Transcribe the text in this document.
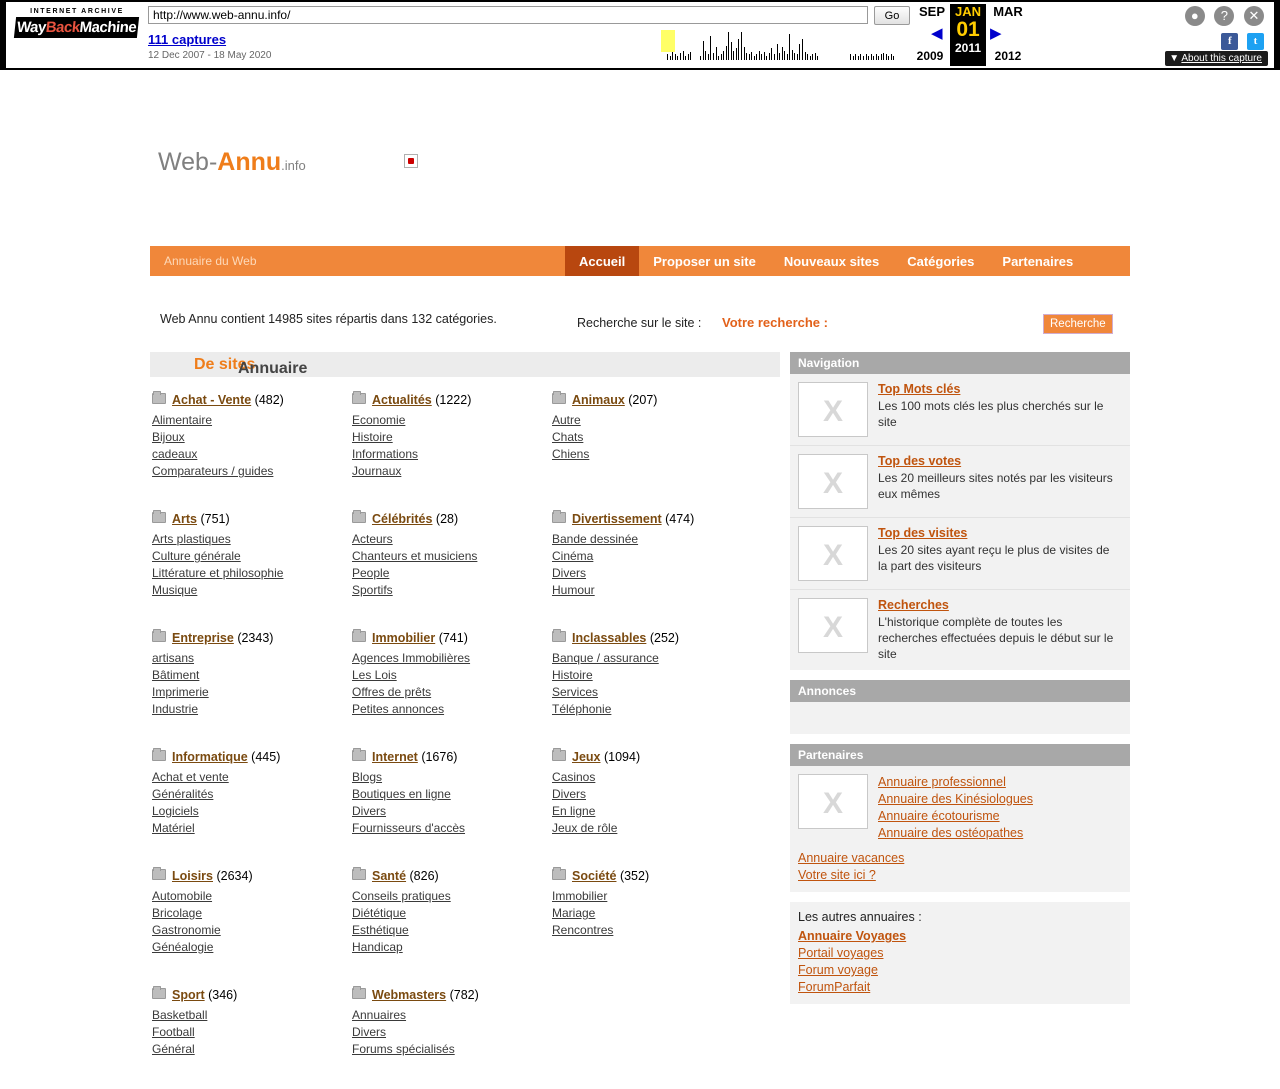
INTERNET ARCHIVE
WayBackMachine
http://www.web-annu.info/
Go
111 captures
12 Dec 2007 - 18 May 2020
SEP JAN
01
2011
MAR
2009	2012
◀	▶
● ? ✕
f t
▼ About this capture
Web-Annu.info
Annuaire du Web	Accueil	Proposer un site	Nouveaux sites	Catégories	Partenaires
Web Annu contient 14985 sites répartis dans 132 catégories.	Recherche sur le site : Votre recherche :	Recherche
Annuaire
De sites
Achat - Vente (482)
Alimentaire
Bijoux
cadeaux
Comparateurs / guides
Actualités (1222)
Economie
Histoire
Informations
Journaux
Animaux (207)
Autre
Chats
Chiens
Arts (751)
Arts plastiques
Culture générale
Littérature et philosophie
Musique
Célébrités (28)
Acteurs
Chanteurs et musiciens
People
Sportifs
Divertissement (474)
Bande dessinée
Cinéma
Divers
Humour
Entreprise (2343)
artisans
Bâtiment
Imprimerie
Industrie
Immobilier (741)
Agences Immobilières
Les Lois
Offres de prêts
Petites annonces
Inclassables (252)
Banque / assurance
Histoire
Services
Téléphonie
Informatique (445)
Achat et vente
Généralités
Logiciels
Matériel
Internet (1676)
Blogs
Boutiques en ligne
Divers
Fournisseurs d'accès
Jeux (1094)
Casinos
Divers
En ligne
Jeux de rôle
Loisirs (2634)
Automobile
Bricolage
Gastronomie
Généalogie
Santé (826)
Conseils pratiques
Diététique
Esthétique
Handicap
Société (352)
Immobilier
Mariage
Rencontres
Sport (346)
Basketball
Football
Général
Webmasters (782)
Annuaires
Divers
Forums spécialisés
Navigation
X
Top Mots clés
Les 100 mots clés les plus cherchés sur le site
X
Top des votes
Les 20 meilleurs sites notés par les visiteurs eux mêmes
X
Top des visites
Les 20 sites ayant reçu le plus de visites de la part des visiteurs
X
Recherches
L'historique complète de toutes les recherches effectuées depuis le début sur le site
Annonces
Partenaires
X
Annuaire professionnel
Annuaire des Kinésiologues
Annuaire écotourisme
Annuaire des ostéopathes
Annuaire vacances
Votre site ici ?
Les autres annuaires :
Annuaire Voyages
Portail voyages
Forum voyage
ForumParfait
